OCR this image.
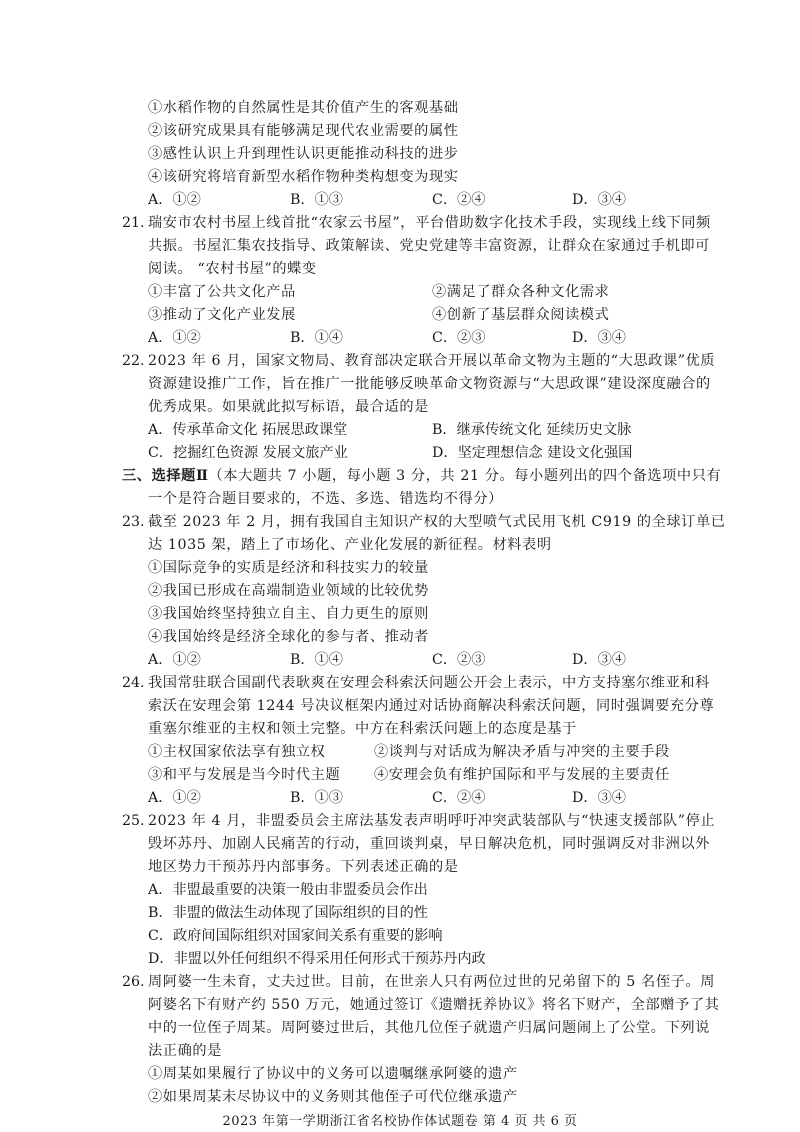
①水稻作物的自然属性是其价值产生的客观基础
②该研究成果具有能够满足现代农业需要的属性
③感性认识上升到理性认识更能推动科技的进步
④该研究将培育新型水稻作物种类构想变为现实
A．①②	B．①③	C．②④	D．③④
21. 瑞安市农村书屋上线首批“农家云书屋”，平台借助数字化技术手段，实现线上线下同频
共振。书屋汇集农技指导、政策解读、党史党建等丰富资源，让群众在家通过手机即可
阅读。 “农村书屋”的蝶变
①丰富了公共文化产品	②满足了群众各种文化需求
③推动了文化产业发展	④创新了基层群众阅读模式
A．①②	B．①④	C．②③	D．③④
22. 2023 年 6 月，国家文物局、教育部决定联合开展以革命文物为主题的“大思政课”优质
资源建设推广工作，旨在推广一批能够反映革命文物资源与“大思政课”建设深度融合的
优秀成果。如果就此拟写标语，最合适的是
A．传承革命文化 拓展思政课堂	B．继承传统文化 延续历史文脉
C．挖掘红色资源 发展文旅产业	D．坚定理想信念 建设文化强国
三、选择题Ⅱ（本大题共 7 小题，每小题 3 分，共 21 分。每小题列出的四个备选项中只有
一个是符合题目要求的，不选、多选、错选均不得分）
23. 截至 2023 年 2 月，拥有我国自主知识产权的大型喷气式民用飞机 C919 的全球订单已
达 1035 架，踏上了市场化、产业化发展的新征程。材料表明
①国际竞争的实质是经济和科技实力的较量
②我国已形成在高端制造业领域的比较优势
③我国始终坚持独立自主、自力更生的原则
④我国始终是经济全球化的参与者、推动者
A．①②	B．①④	C．②③	D．③④
24. 我国常驻联合国副代表耿爽在安理会科索沃问题公开会上表示，中方支持塞尔维亚和科
索沃在安理会第 1244 号决议框架内通过对话协商解决科索沃问题，同时强调要充分尊
重塞尔维亚的主权和领土完整。中方在科索沃问题上的态度是基于
①主权国家依法享有独立权	②谈判与对话成为解决矛盾与冲突的主要手段
③和平与发展是当今时代主题 ④安理会负有维护国际和平与发展的主要责任
A．①②	B．①③	C．②④	D．③④
25. 2023 年 4 月，非盟委员会主席法基发表声明呼吁冲突武装部队与“快速支援部队”停止
毁坏苏丹、加剧人民痛苦的行动，重回谈判桌，早日解决危机，同时强调反对非洲以外
地区势力干预苏丹内部事务。下列表述正确的是
A．非盟最重要的决策一般由非盟委员会作出
B．非盟的做法生动体现了国际组织的目的性
C．政府间国际组织对国家间关系有重要的影响
D．非盟以外任何组织不得采用任何形式干预苏丹内政
26. 周阿婆一生未育，丈夫过世。目前，在世亲人只有两位过世的兄弟留下的 5 名侄子。周
阿婆名下有财产约 550 万元，她通过签订《遗赠抚养协议》将名下财产，全部赠予了其
中的一位侄子周某。周阿婆过世后，其他几位侄子就遗产归属问题闹上了公堂。下列说
法正确的是
①周某如果履行了协议中的义务可以遗嘱继承阿婆的遗产
②如果周某未尽协议中的义务则其他侄子可代位继承遗产
2023 年第一学期浙江省名校协作体试题卷 第 4 页 共 6 页
